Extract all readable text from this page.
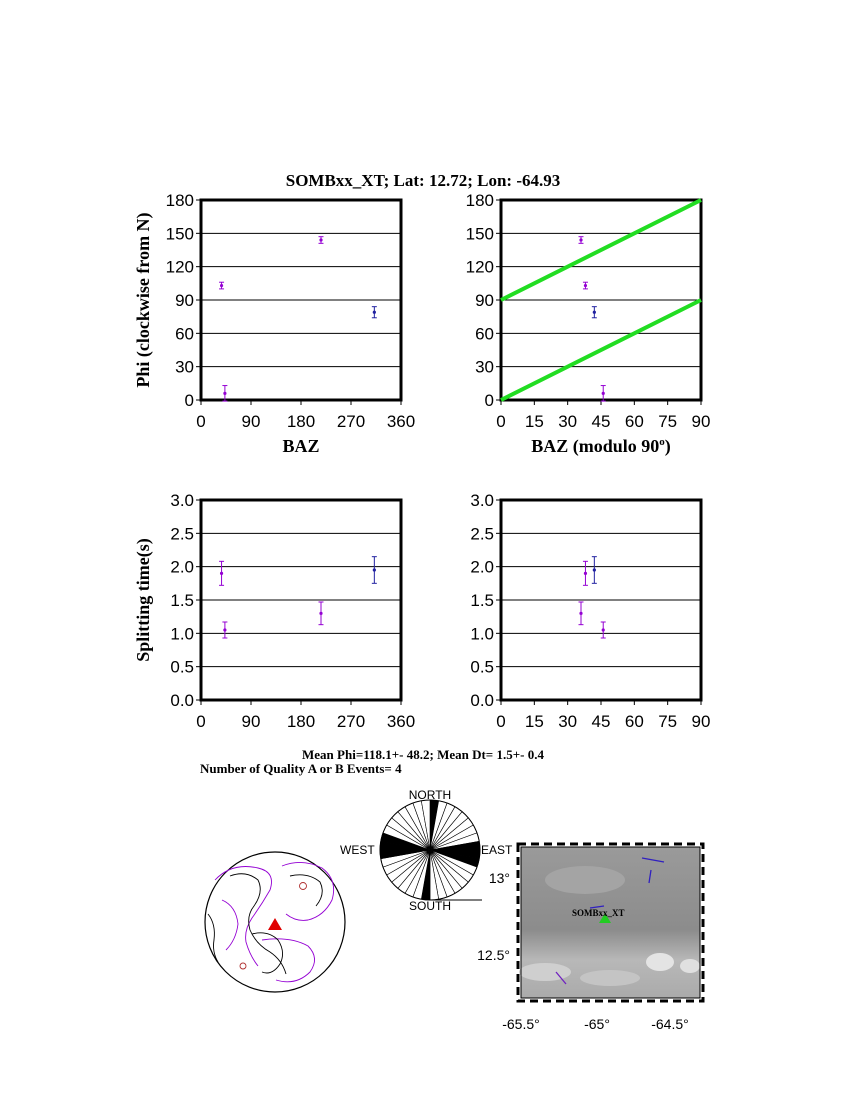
SOMBxx_XT; Lat: 12.72; Lon: -64.93
0
30
60
90
120
150
180
0 90 180 270 360
BAZ
Phi (clockwise from N)
0
30
60
90
120
150
180
0 15 30 45 60 75 90
BAZ (modulo 90$^o$)
0.0
0.5
1.0
1.5
2.0
2.5
3.0
0 90 180 270 360
Splitting time(s)
0.0
0.5
1.0
1.5
2.0
2.5
3.0
0 15 30 45 60 75 90
Mean Phi=118.1+- 48.2; Mean Dt= 1.5+- 0.4
Number of Quality A or B Events= 4
NORTH
SOUTH
EAST
WEST
SOMBxx_XT
13°
12.5°
-65.5°	-65°	-64.5°
